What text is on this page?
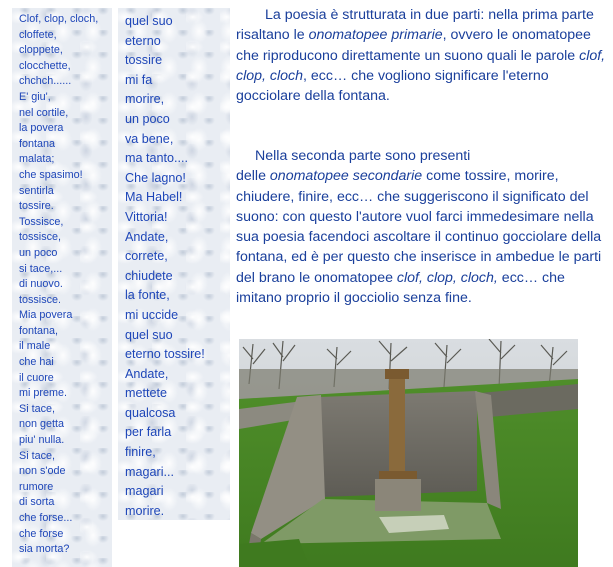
Clof, clop, cloch,
cloffete,
cloppete,
clocchette,
chchch......
E' giu',
nel cortile,
la povera
fontana
malata;
che spasimo!
sentirla
tossire.
Tossisce,
tossisce,
un poco
si tace,...
di nuovo.
tossisce.
Mia povera
fontana,
il male
che hai
il cuore
mi preme.
Si tace,
non getta
piu' nulla.
Si tace,
non s'ode
rumore
di sorta
che forse...
che forse
sia morta?
quel suo
eterno
tossire
mi fa
morire,
un poco
va bene,
ma tanto....
Che lagno!
Ma Habel!
Vittoria!
Andate,
correte,
chiudete
la fonte,
mi uccide
quel suo
eterno tossire!
Andate,
mettete
qualcosa
per farla
finire,
magari...
magari
morire.

La poesia è strutturata in due parti: nella prima parte risaltano le onomatopee primarie, ovvero le onomatopee che riproducono direttamente un suono quali le parole clof, clop, cloch, ecc… che vogliono significare l'eterno gocciolare della fontana.

Nella seconda parte sono presenti
delle onomatopee secondarie come tossire, morire, chiudere, finire, ecc… che suggeriscono il significato del suono: con questo l'autore vuol farci immedesimare nella sua poesia facendoci ascoltare il continuo gocciolare della fontana, ed è per questo che inserisce in ambedue le parti del brano le onomatopee clof, clop, cloch, ecc… che imitano proprio il gocciolio senza fine.
